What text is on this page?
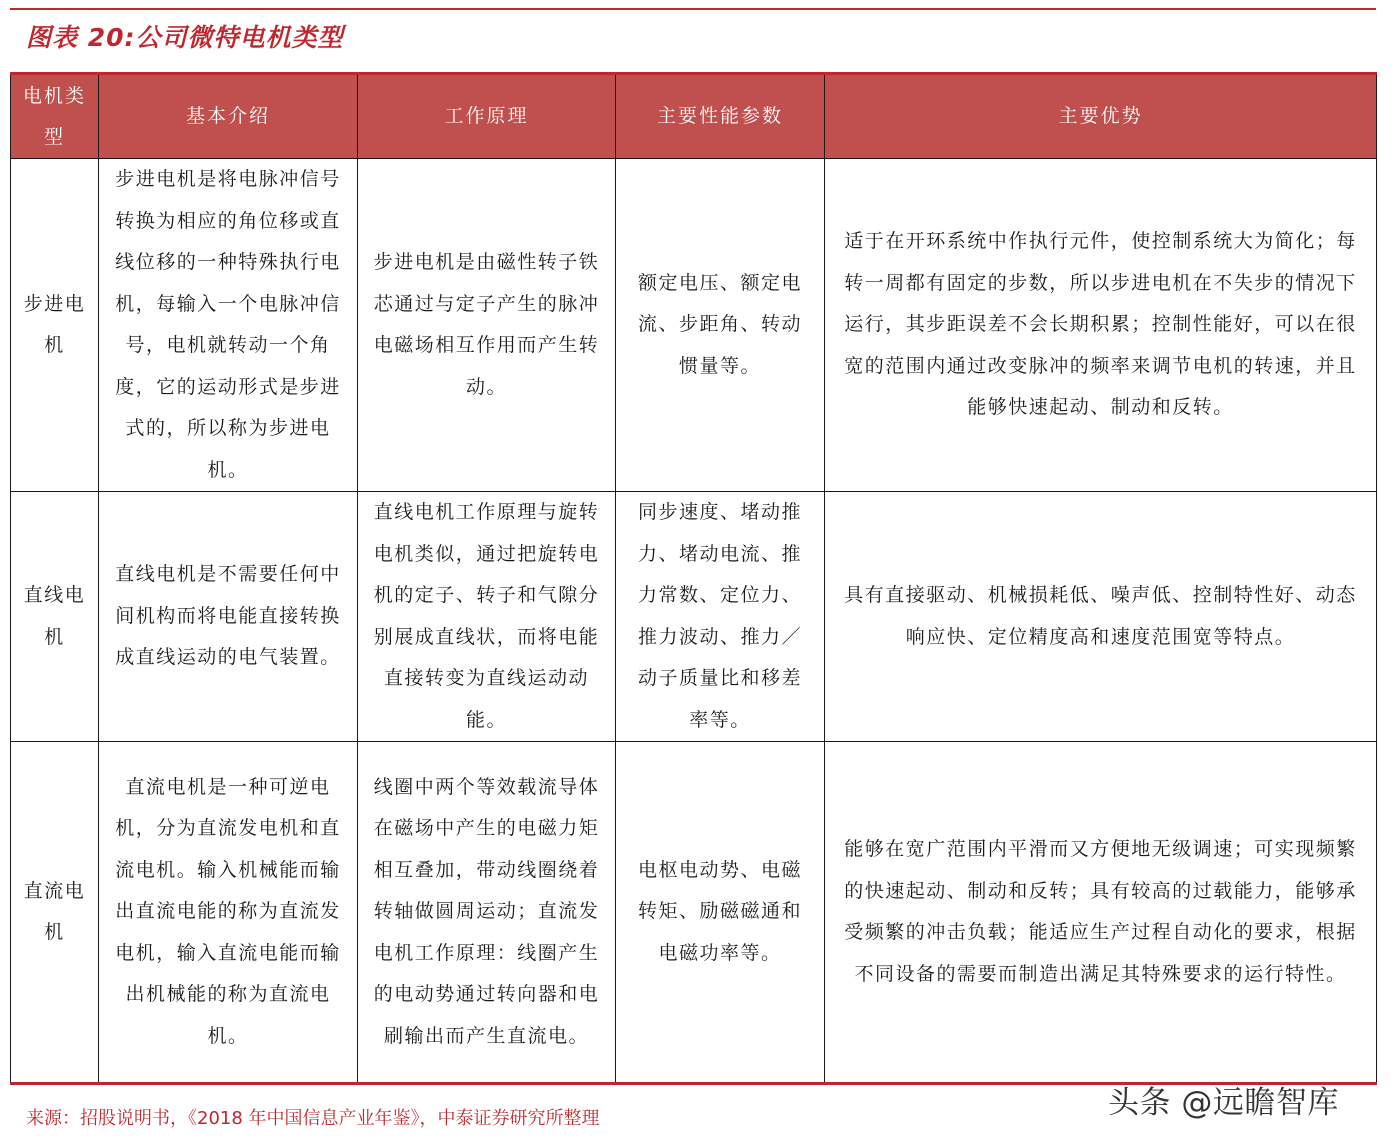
图表 20:公司微特电机类型
电机类型	基本介绍	工作原理	主要性能参数	主要优势
步进电机	步进电机是将电脉冲信号转换为相应的角位移或直线位移的一种特殊执行电机，每输入一个电脉冲信号，电机就转动一个角度，它的运动形式是步进式的，所以称为步进电机。	步进电机是由磁性转子铁芯通过与定子产生的脉冲电磁场相互作用而产生转动。	额定电压、额定电流、步距角、转动惯量等。	适于在开环系统中作执行元件，使控制系统大为简化；每转一周都有固定的步数，所以步进电机在不失步的情况下运行，其步距误差不会长期积累；控制性能好，可以在很宽的范围内通过改变脉冲的频率来调节电机的转速，并且能够快速起动、制动和反转。
直线电机	直线电机是不需要任何中间机构而将电能直接转换成直线运动的电气装置。	直线电机工作原理与旋转电机类似，通过把旋转电机的定子、转子和气隙分别展成直线状，而将电能直接转变为直线运动动能。	同步速度、堵动推力、堵动电流、推力常数、定位力、推力波动、推力／动子质量比和移差率等。	具有直接驱动、机械损耗低、噪声低、控制特性好、动态响应快、定位精度高和速度范围宽等特点。
直流电机	直流电机是一种可逆电机，分为直流发电机和直流电机。输入机械能而输出直流电能的称为直流发电机，输入直流电能而输出机械能的称为直流电机。	线圈中两个等效载流导体在磁场中产生的电磁力矩相互叠加，带动线圈绕着转轴做圆周运动；直流发电机工作原理：线圈产生的电动势通过转向器和电刷输出而产生直流电。	电枢电动势、电磁转矩、励磁磁通和电磁功率等。	能够在宽广范围内平滑而又方便地无级调速；可实现频繁的快速起动、制动和反转；具有较高的过载能力，能够承受频繁的冲击负载；能适应生产过程自动化的要求，根据不同设备的需要而制造出满足其特殊要求的运行特性。
来源：招股说明书，《2018 年中国信息产业年鉴》，中泰证券研究所整理	头条 @远瞻智库
